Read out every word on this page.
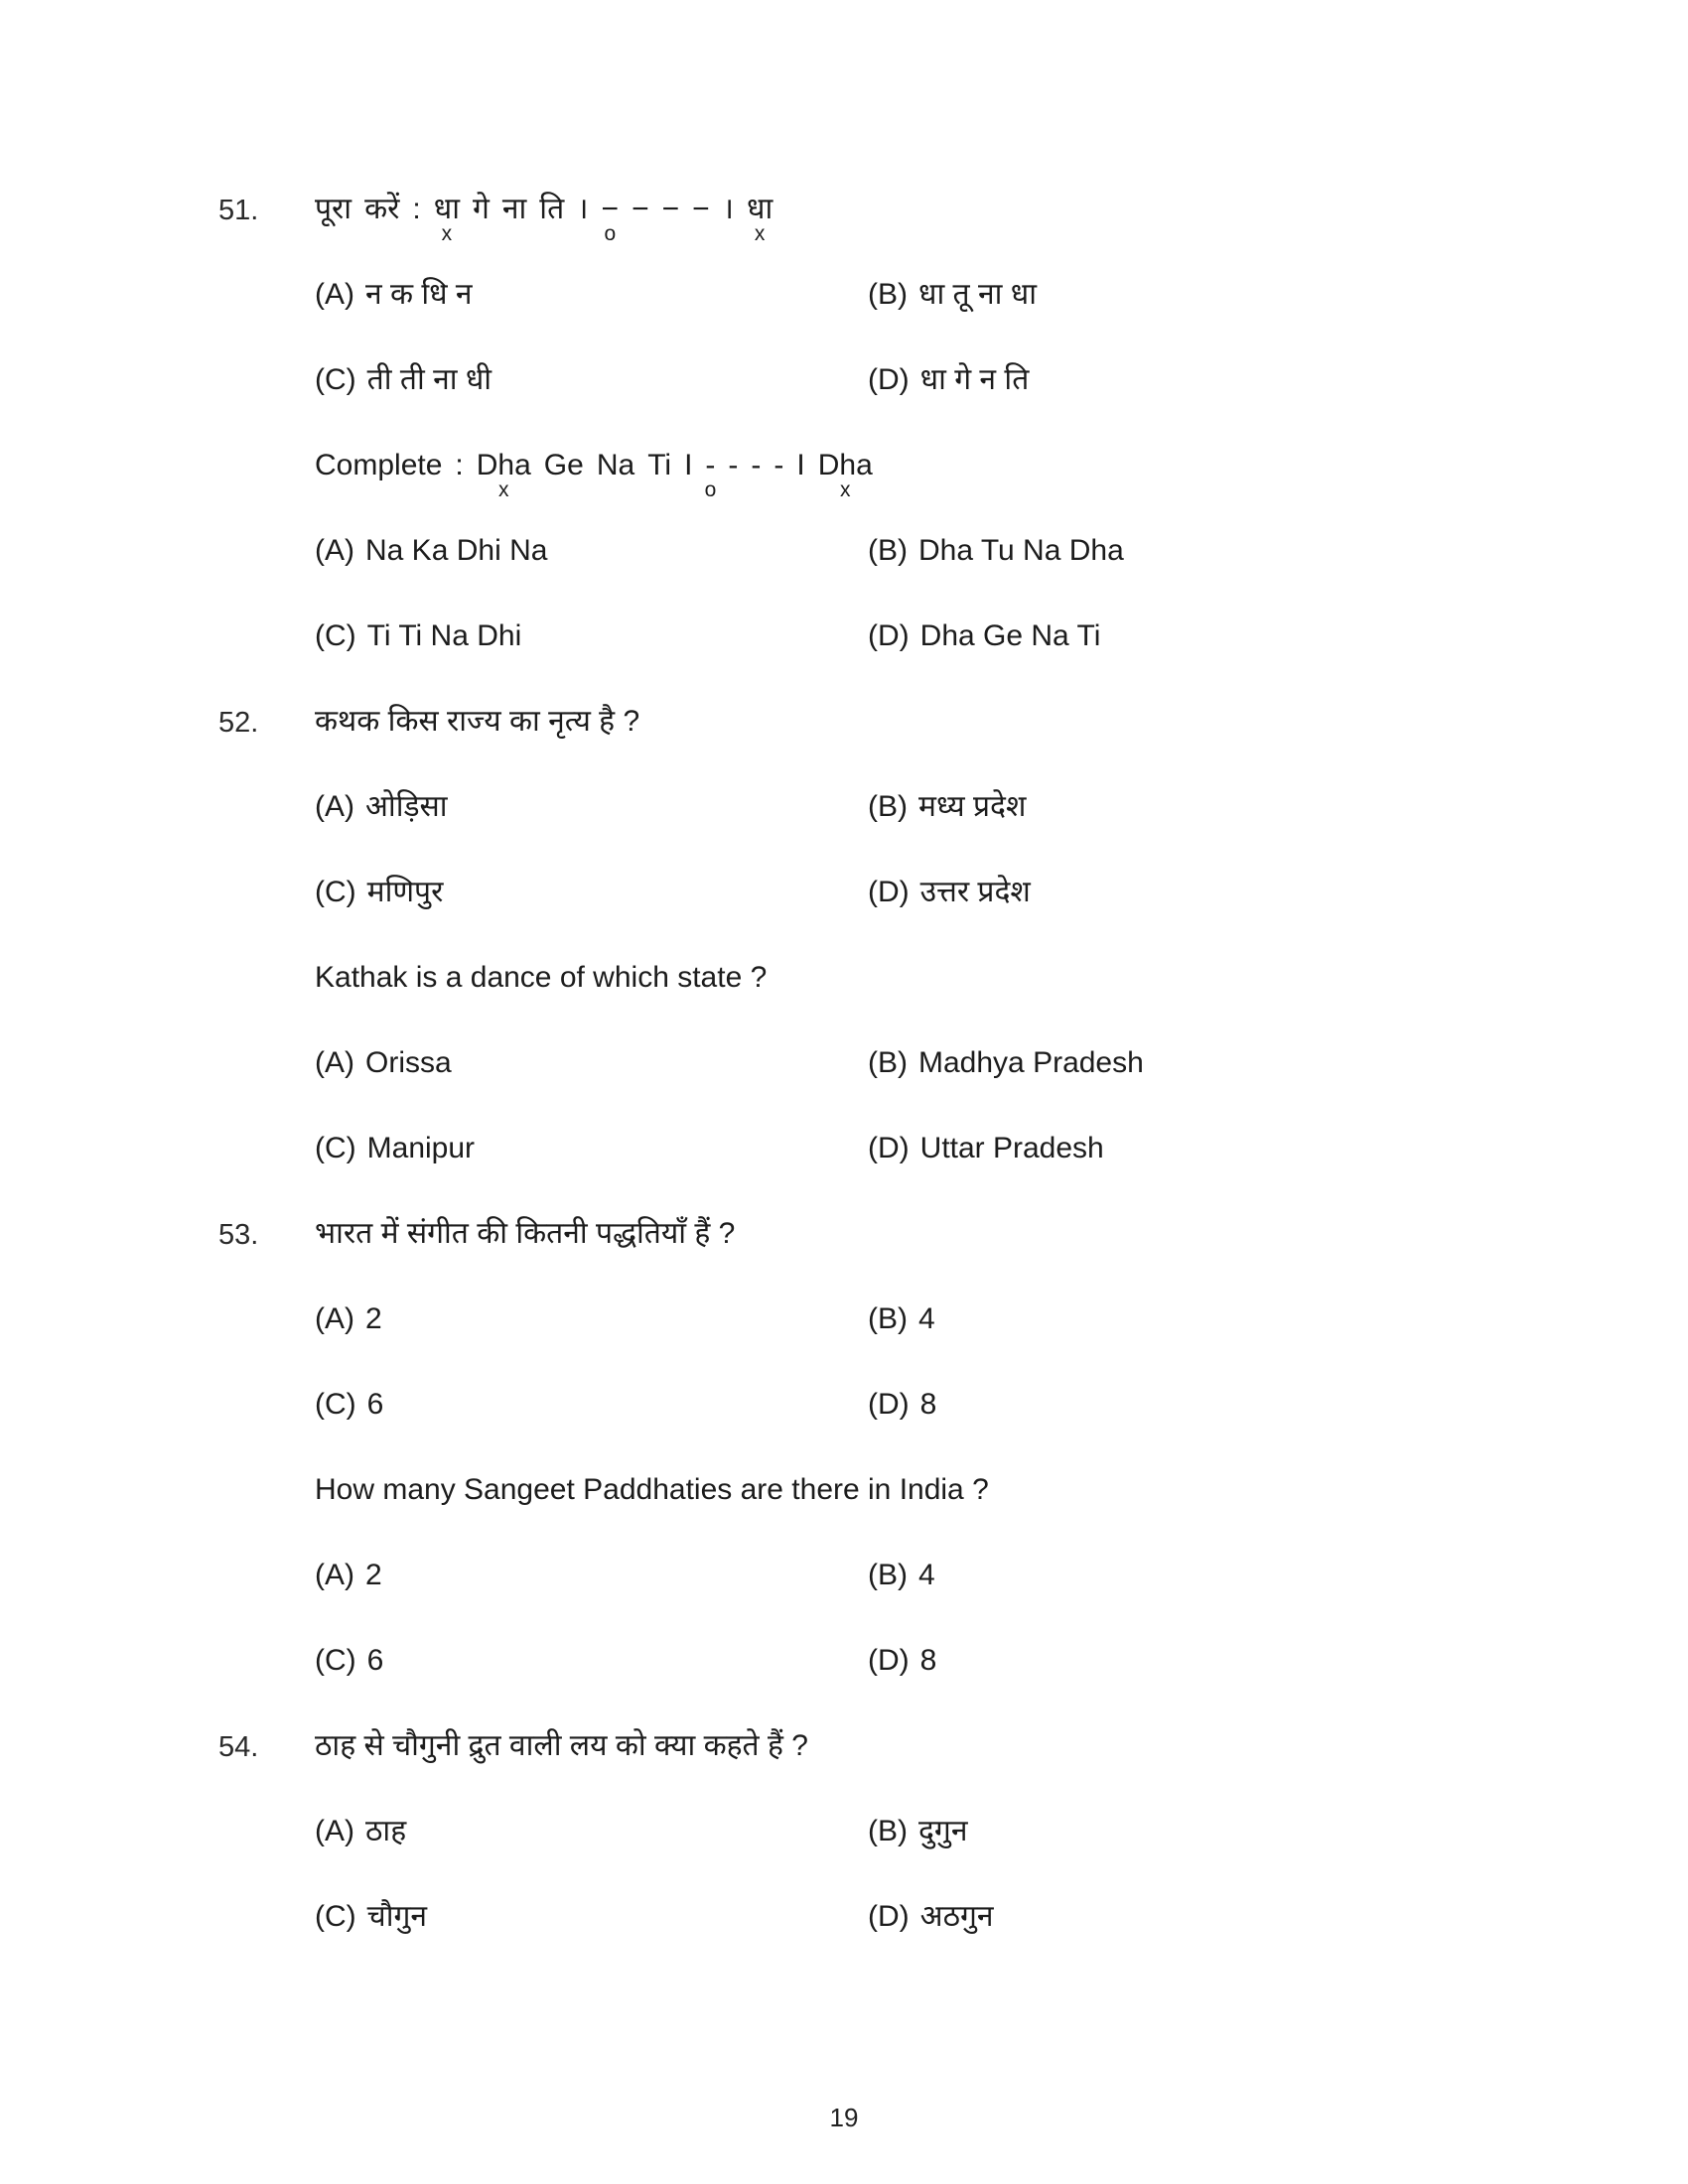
51. पूरा करें : धा
x
गे ना ति । −
o
− − − । धा
x
(A) न क धि न	(B) धा तू ना धा
(C) ती ती ना धी	(D) धा गे न ति
Complete : Dha
x
Ge Na Ti I -
o
- - - I Dha
x
(A) Na Ka Dhi Na	(B) Dha Tu Na Dha
(C) Ti Ti Na Dhi	(D) Dha Ge Na Ti
52. कथक किस राज्य का नृत्य है ?
(A) ओड़िसा	(B) मध्य प्रदेश
(C) मणिपुर	(D) उत्तर प्रदेश
Kathak is a dance of which state ?
(A) Orissa	(B) Madhya Pradesh
(C) Manipur	(D) Uttar Pradesh
53. भारत में संगीत की कितनी पद्धतियाँ हैं ?
(A) 2	(B) 4
(C) 6	(D) 8
How many Sangeet Paddhaties are there in India ?
(A) 2	(B) 4
(C) 6	(D) 8
54. ठाह से चौगुनी द्रुत वाली लय को क्या कहते हैं ?
(A) ठाह	(B) दुगुन
(C) चौगुन	(D) अठगुन
19
